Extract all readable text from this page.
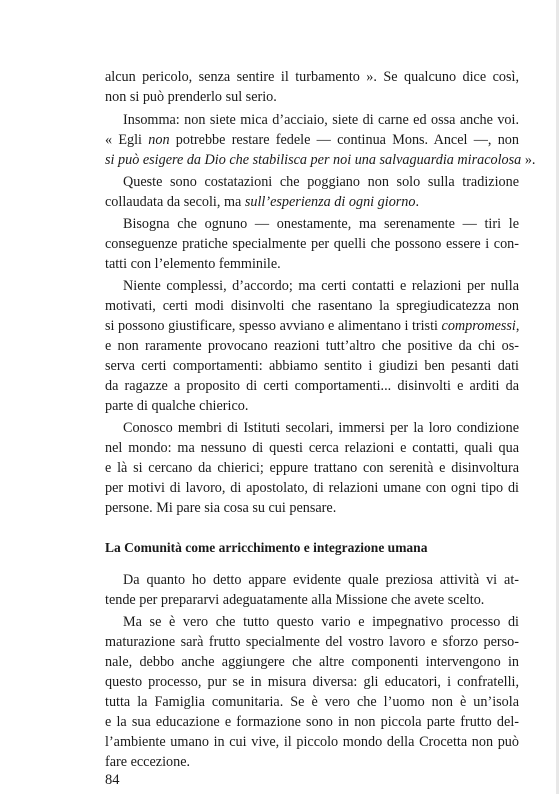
alcun pericolo, senza sentire il turbamento ». Se qualcuno dice così,
non si può prenderlo sul serio.
Insomma: non siete mica d’acciaio, siete di carne ed ossa anche voi.
« Egli non potrebbe restare fedele — continua Mons. Ancel —, non
si può esigere da Dio che stabilisca per noi una salvaguardia miracolosa ».
Queste sono costatazioni che poggiano non solo sulla tradizione
collaudata da secoli, ma sull’esperienza di ogni giorno.
Bisogna che ognuno — onestamente, ma serenamente — tiri le
conseguenze pratiche specialmente per quelli che possono essere i con-
tatti con l’elemento femminile.
Niente complessi, d’accordo; ma certi contatti e relazioni per nulla
motivati, certi modi disinvolti che rasentano la spregiudicatezza non
si possono giustificare, spesso avviano e alimentano i tristi compromessi,
e non raramente provocano reazioni tutt’altro che positive da chi os-
serva certi comportamenti: abbiamo sentito i giudizi ben pesanti dati
da ragazze a proposito di certi comportamenti... disinvolti e arditi da
parte di qualche chierico.
Conosco membri di Istituti secolari, immersi per la loro condizione
nel mondo: ma nessuno di questi cerca relazioni e contatti, quali qua
e là si cercano da chierici; eppure trattano con serenità e disinvoltura
per motivi di lavoro, di apostolato, di relazioni umane con ogni tipo di
persone. Mi pare sia cosa su cui pensare.
La Comunità come arricchimento e integrazione umana
Da quanto ho detto appare evidente quale preziosa attività vi at-
tende per prepararvi adeguatamente alla Missione che avete scelto.
Ma se è vero che tutto questo vario e impegnativo processo di
maturazione sarà frutto specialmente del vostro lavoro e sforzo perso-
nale, debbo anche aggiungere che altre componenti intervengono in
questo processo, pur se in misura diversa: gli educatori, i confratelli,
tutta la Famiglia comunitaria. Se è vero che l’uomo non è un’isola
e la sua educazione e formazione sono in non piccola parte frutto del-
l’ambiente umano in cui vive, il piccolo mondo della Crocetta non può
fare eccezione.
84
